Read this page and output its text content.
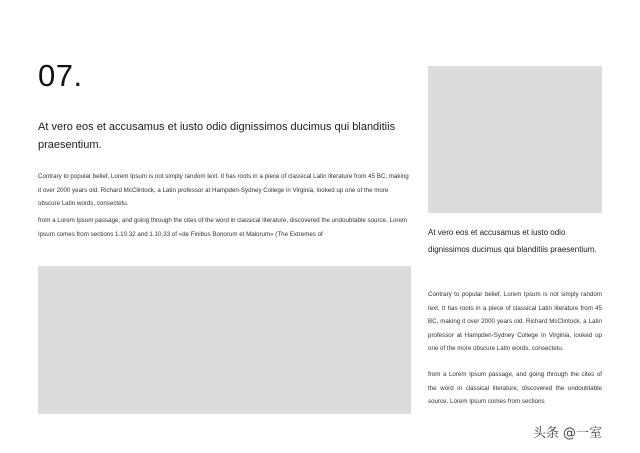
07.
At vero eos et accusamus et iusto odio dignissimos ducimus qui blanditiis praesentium.
Contrary to popular belief, Lorem Ipsum is not simply random text. It has roots in a piece of classical Latin literature from 45 BC, making it over 2000 years old. Richard McClintock, a Latin professor at Hampden-Sydney College in Virginia, looked up one of the more obscure Latin words, consectetu.
from a Lorem Ipsum passage, and going through the cites of the word in classical literature, discovered the undoubtable source. Lorem Ipsum comes from sections 1.10.32 and 1.10.33 of «de Finibus Bonorum et Malorum» (The Extremes of	At vero eos et accusamus et iusto odio dignissimos ducimus qui blanditiis praesentium.
Contrary to popular belief, Lorem Ipsum is not simply random text. It has roots in a piece of classical Latin literature from 45 BC, making it over 2000 years old. Richard McClintock, a Latin professor at Hampden-Sydney College in Virginia, looked up one of the more obscure Latin words, consectetu.
from a Lorem Ipsum passage, and going through the cites of the word in classical literature, discovered the undoubtable source. Lorem Ipsum comes from sections
头条 @一室
